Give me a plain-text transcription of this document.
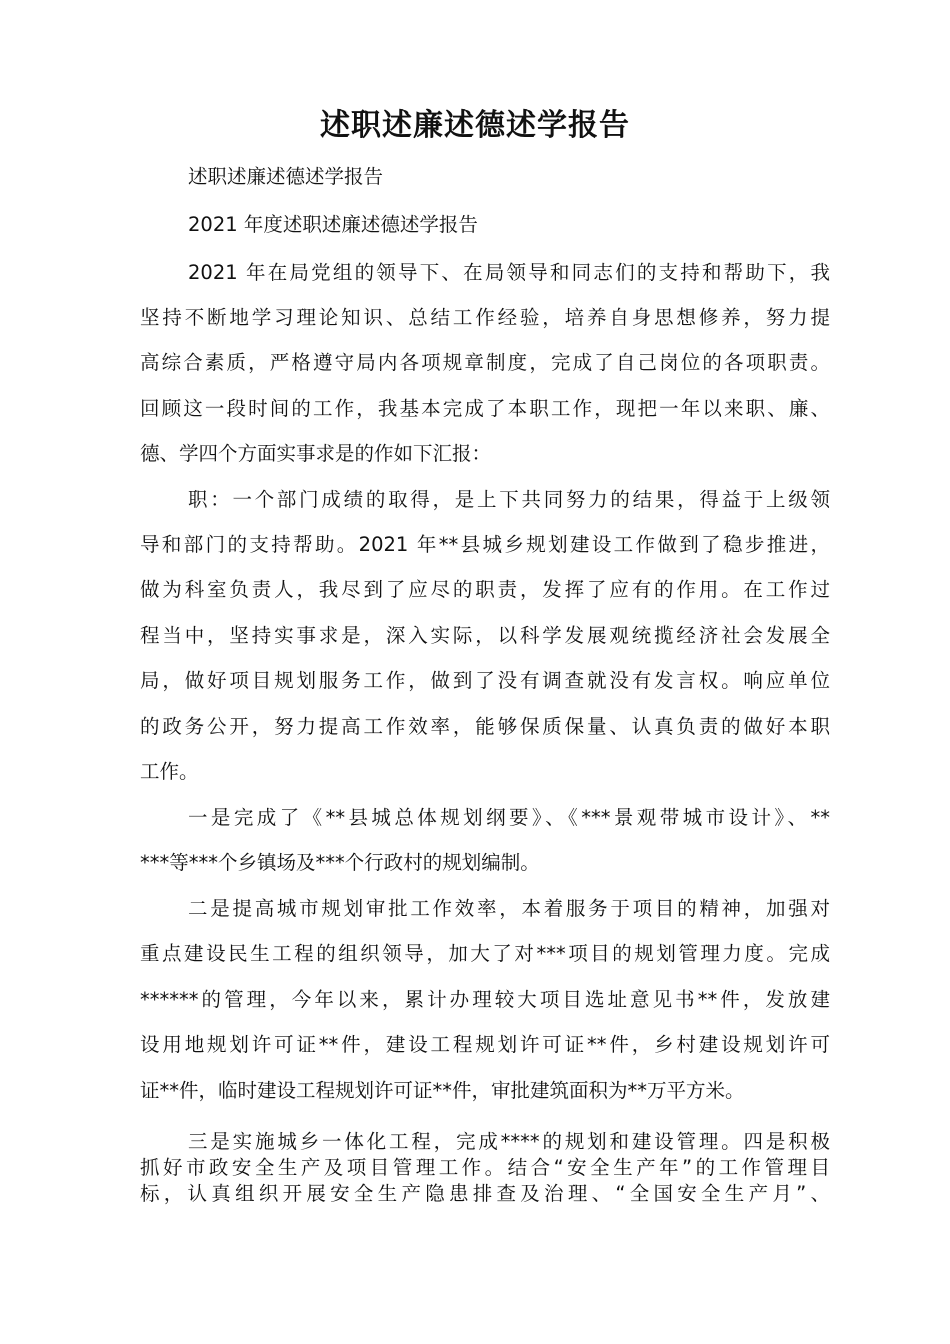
述职述廉述德述学报告
述职述廉述德述学报告
2021 年度述职述廉述德述学报告
2021 年在局党组的领导下、在局领导和同志们的支持和帮助下，我
坚持不断地学习理论知识、总结工作经验，培养自身思想修养，努力提
高综合素质，严格遵守局内各项规章制度，完成了自己岗位的各项职责。
回顾这一段时间的工作，我基本完成了本职工作，现把一年以来职、廉、
德、学四个方面实事求是的作如下汇报：
职：一个部门成绩的取得，是上下共同努力的结果，得益于上级领
导和部门的支持帮助。2021 年**县城乡规划建设工作做到了稳步推进，
做为科室负责人，我尽到了应尽的职责，发挥了应有的作用。在工作过
程当中，坚持实事求是，深入实际，以科学发展观统揽经济社会发展全
局，做好项目规划服务工作，做到了没有调查就没有发言权。响应单位
的政务公开，努力提高工作效率，能够保质保量、认真负责的做好本职
工作。
一是完成了《**县城总体规划纲要》、《***景观带城市设计》、**
***等***个乡镇场及***个行政村的规划编制。
二是提高城市规划审批工作效率，本着服务于项目的精神，加强对
重点建设民生工程的组织领导，加大了对***项目的规划管理力度。完成
******的管理，今年以来，累计办理较大项目选址意见书**件，发放建
设用地规划许可证**件，建设工程规划许可证**件，乡村建设规划许可
证**件，临时建设工程规划许可证**件，审批建筑面积为**万平方米。
三是实施城乡一体化工程，完成****的规划和建设管理。四是积极
抓好市政安全生产及项目管理工作。结合“安全生产年”的工作管理目
标，认真组织开展安全生产隐患排查及治理、“全国安全生产月”、
